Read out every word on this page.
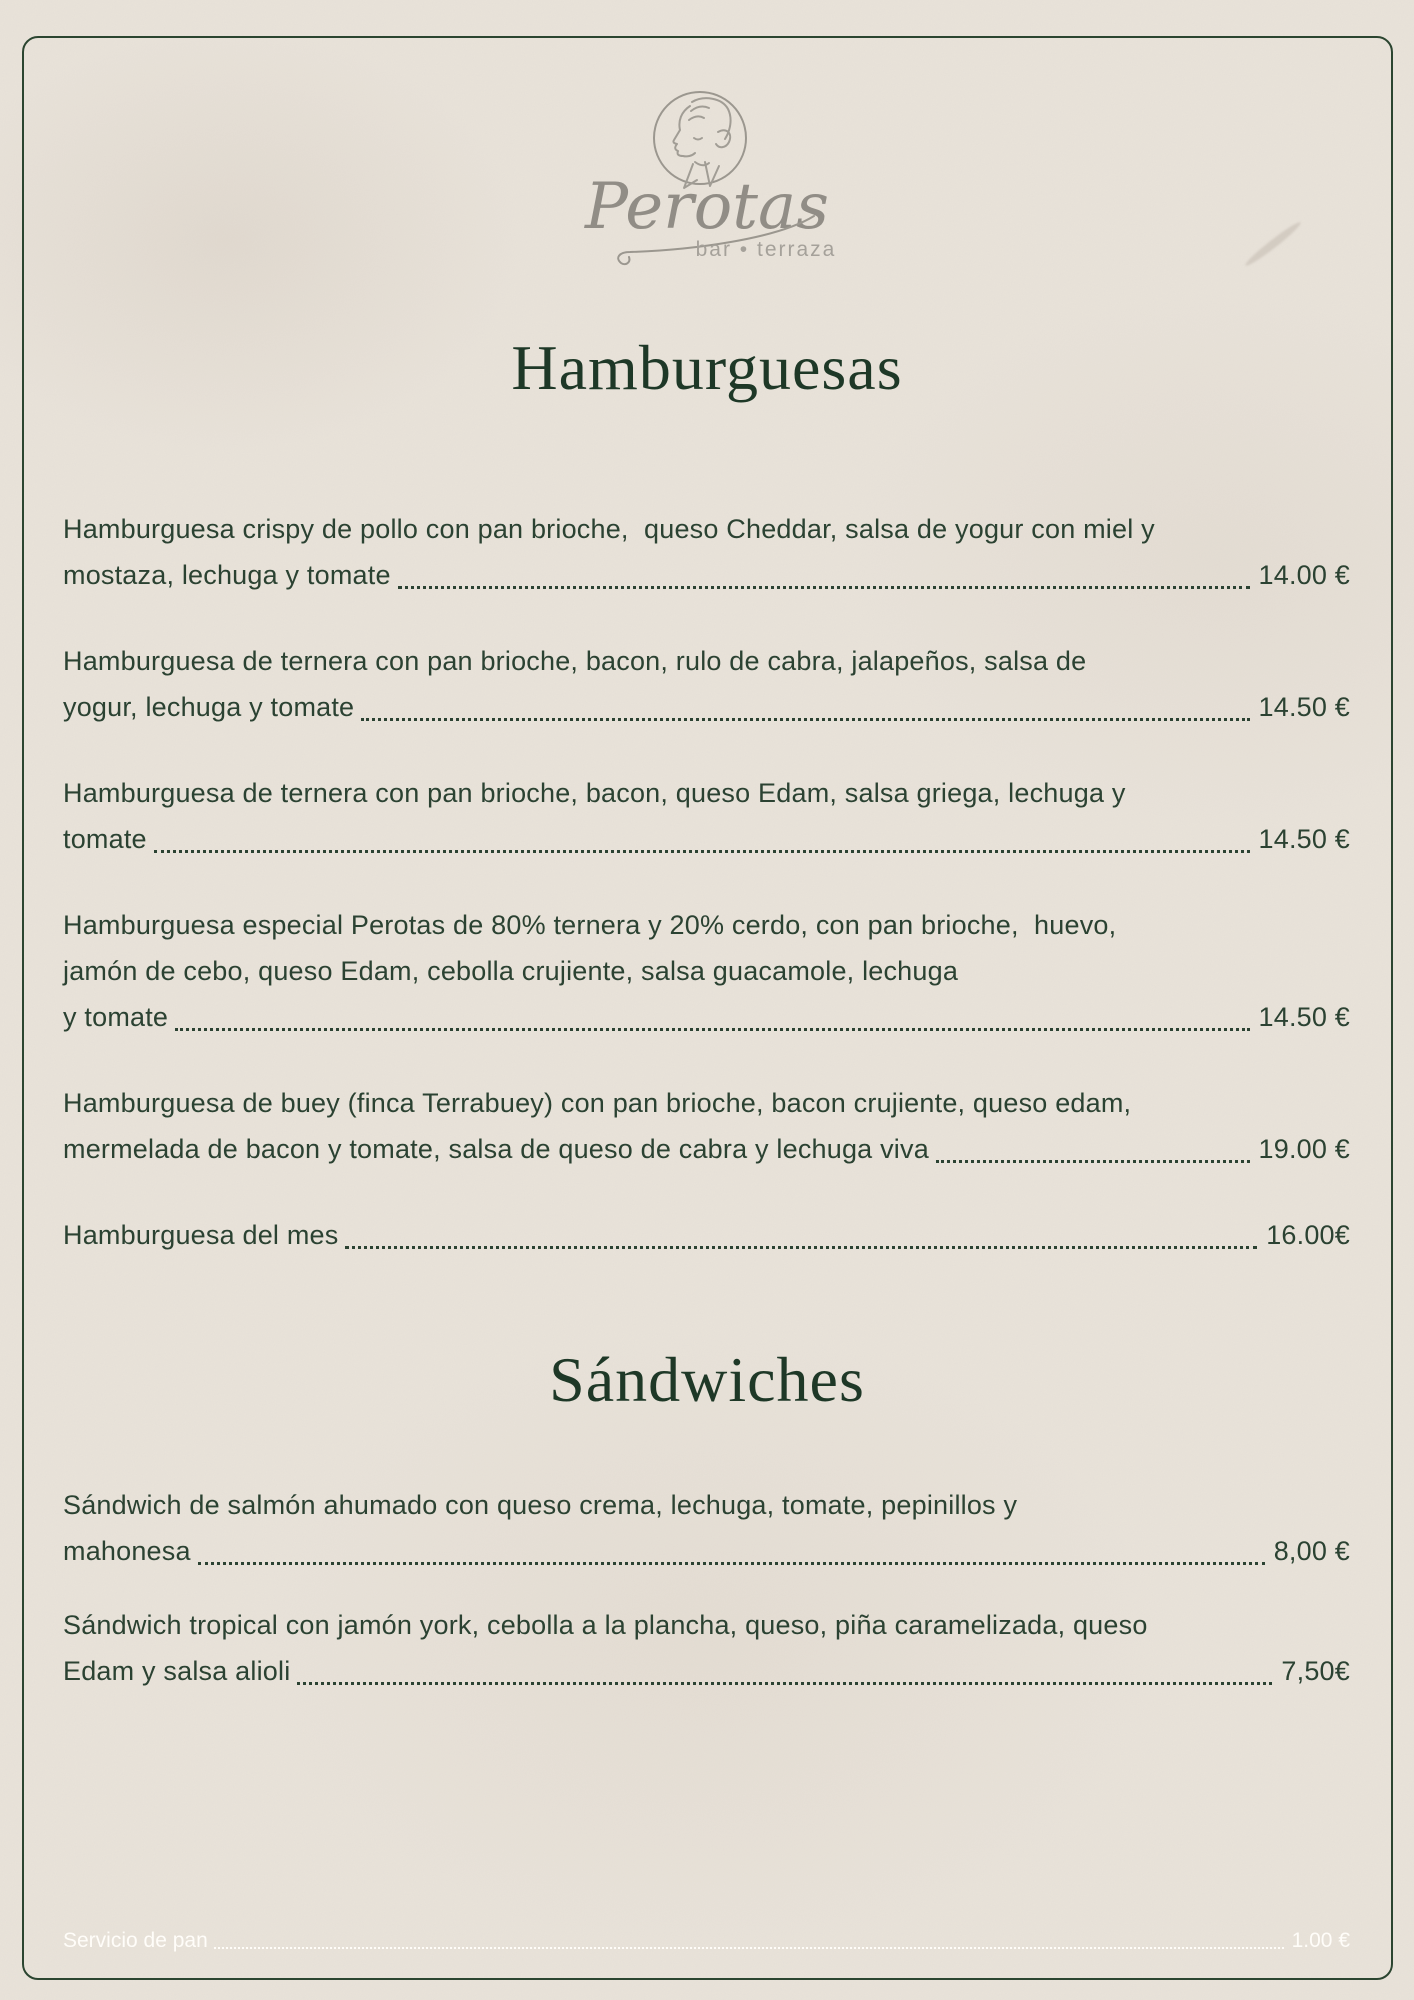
Perotas
bar • terraza
Hamburguesas
Hamburguesa crispy de pollo con pan brioche,  queso Cheddar, salsa de yogur con miel y
mostaza, lechuga y tomate	14.00 €
Hamburguesa de ternera con pan brioche, bacon, rulo de cabra, jalapeños, salsa de
yogur, lechuga y tomate	14.50 €
Hamburguesa de ternera con pan brioche, bacon, queso Edam, salsa griega, lechuga y
tomate	14.50 €
Hamburguesa especial Perotas de 80% ternera y 20% cerdo, con pan brioche,  huevo,
jamón de cebo, queso Edam, cebolla crujiente, salsa guacamole, lechuga
y tomate	14.50 €
Hamburguesa de buey (finca Terrabuey) con pan brioche, bacon crujiente, queso edam,
mermelada de bacon y tomate, salsa de queso de cabra y lechuga viva	19.00 €
Hamburguesa del mes	16.00€
Sándwiches
Sándwich de salmón ahumado con queso crema, lechuga, tomate, pepinillos y
mahonesa	8,00 €
Sándwich tropical con jamón york, cebolla a la plancha, queso, piña caramelizada, queso
Edam y salsa alioli	7,50€
Servicio de pan	1.00 €
